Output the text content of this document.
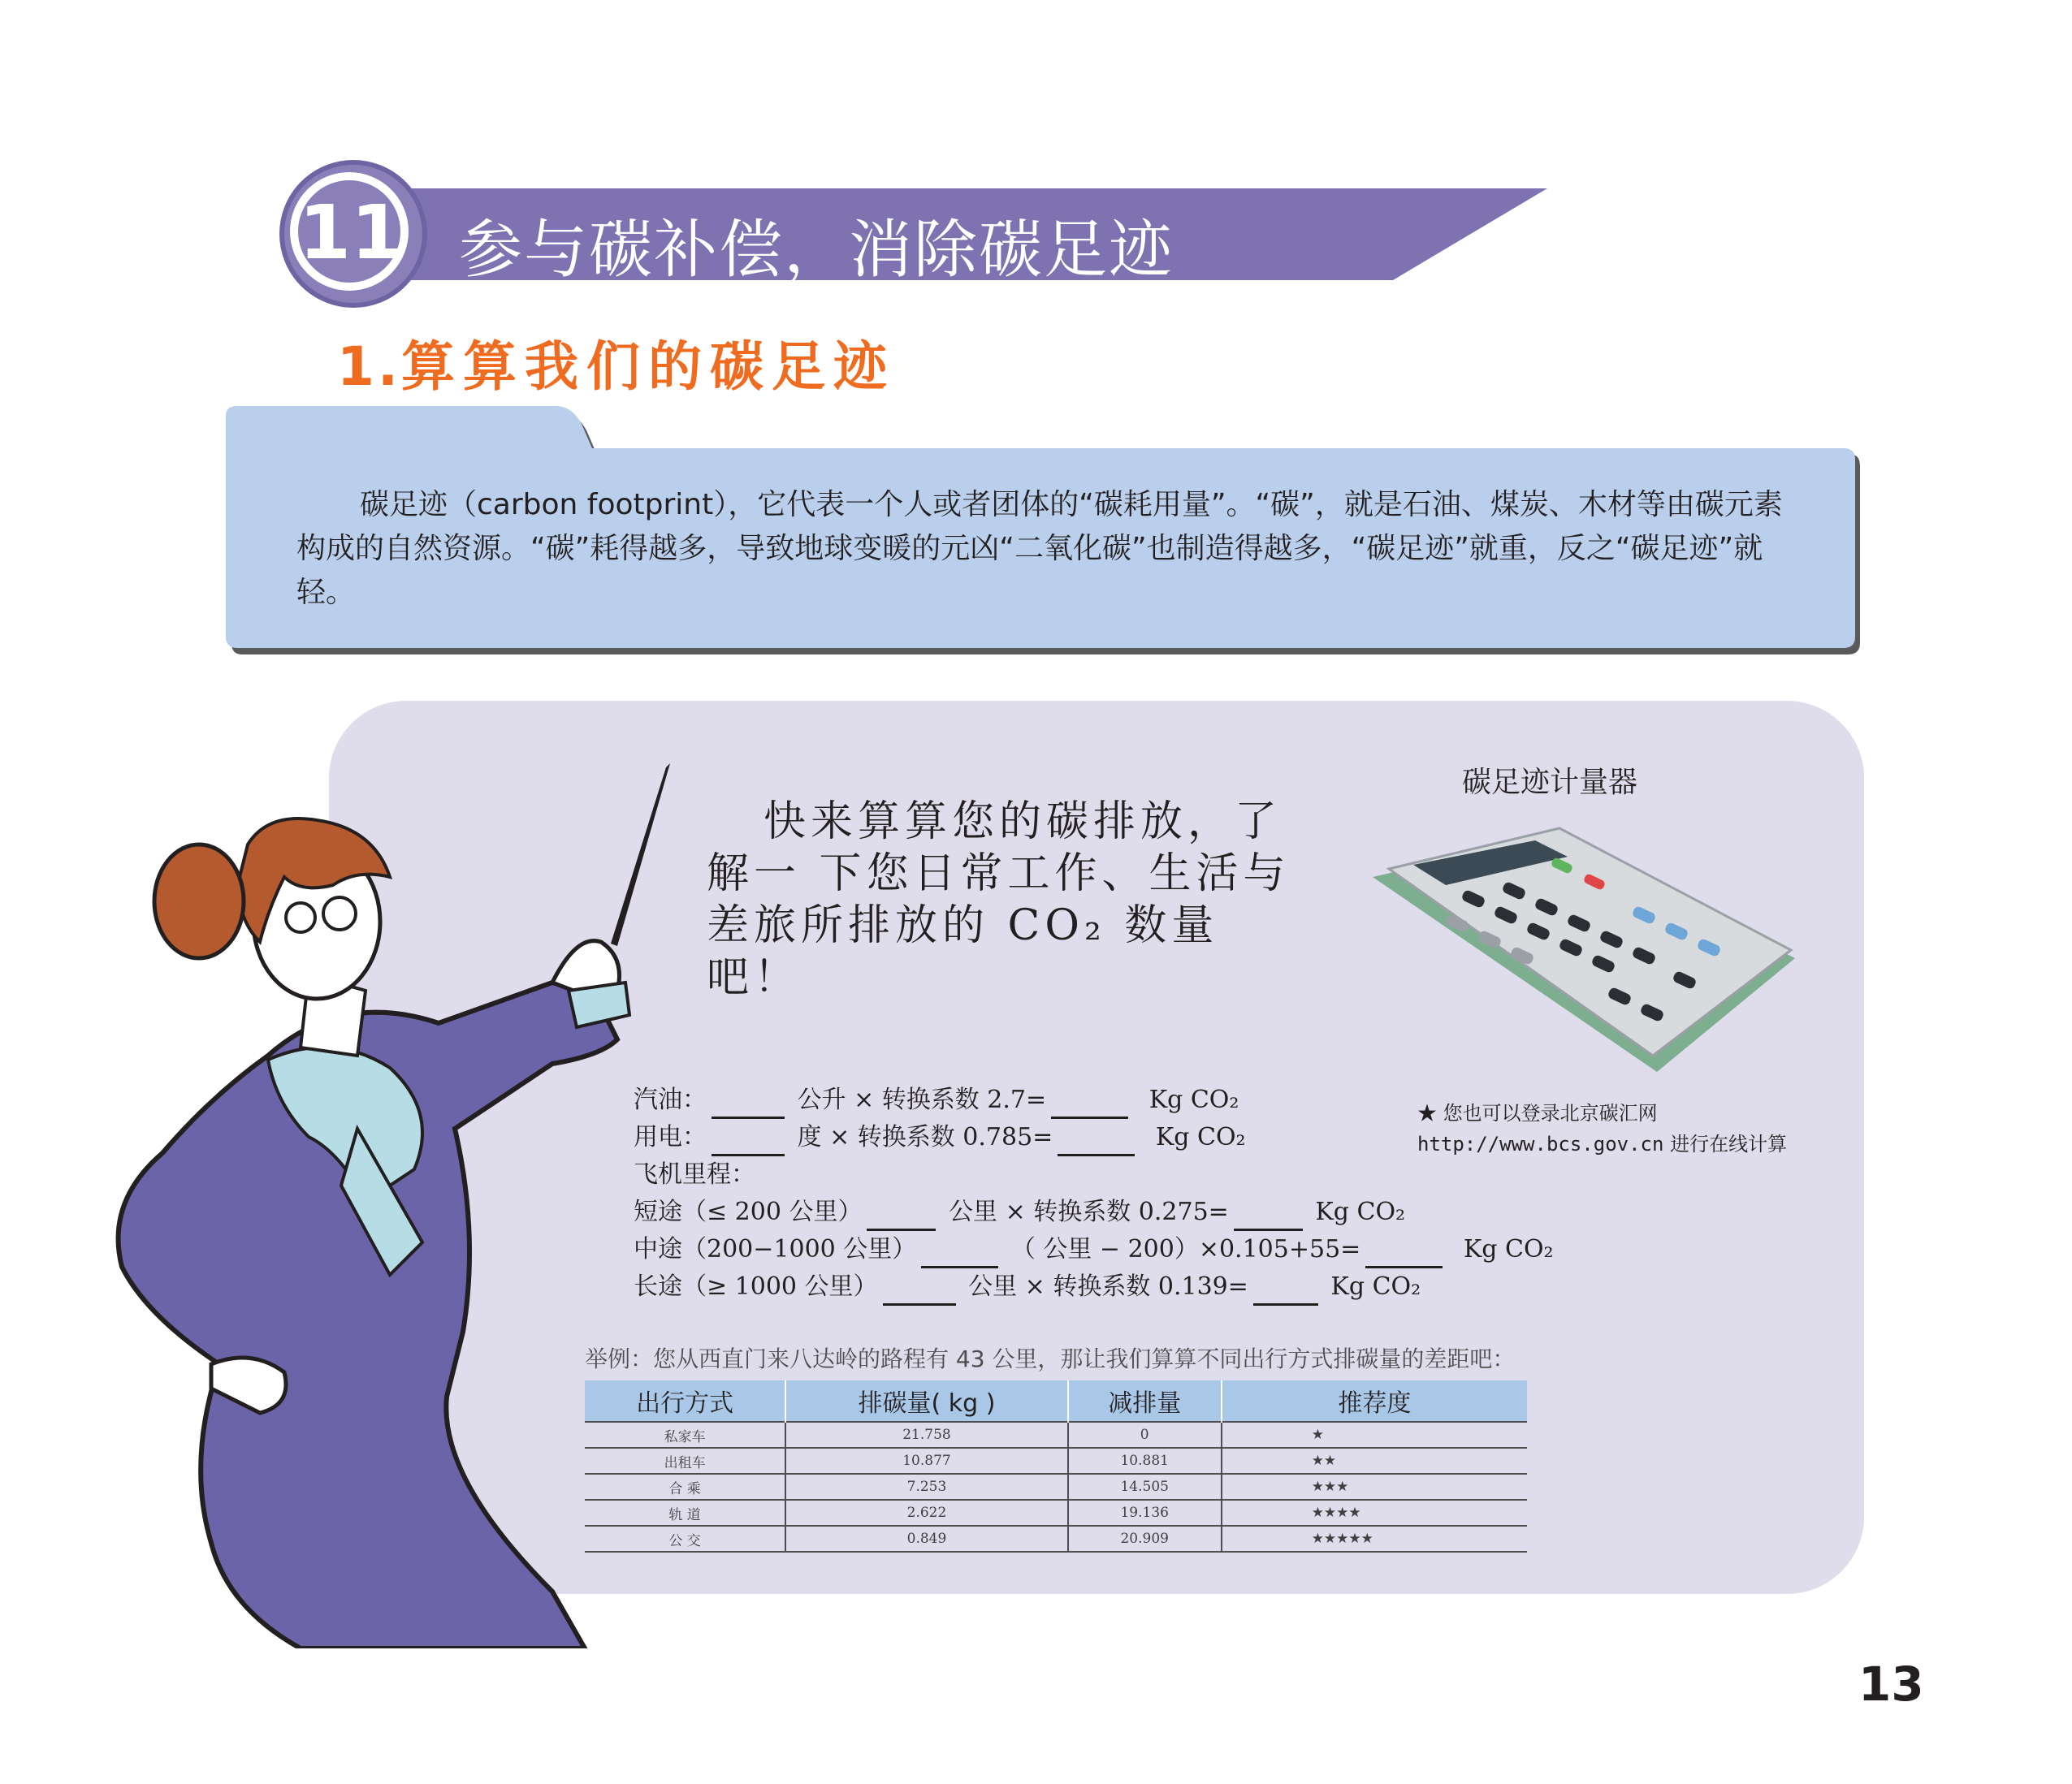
11 参与碳补偿，消除碳足迹
1.算算我们的碳足迹
碳足迹（carbon footprint），它代表一个人或者团体的“碳耗用量”。“碳”，就是石油、煤炭、木材等由碳元素构成的自然资源。“碳”耗得越多，导致地球变暖的元凶“二氧化碳”也制造得越多，“碳足迹”就重，反之“碳足迹”就轻。
快来算算您的碳排放，了解一 下您日常工作、生活与差旅所排放的 CO₂ 数量吧！
碳足迹计量器
★ 您也可以登录北京碳汇网
http://www.bcs.gov.cn 进行在线计算
汽油：	公升 × 转换系数 2.7=	Kg CO₂
用电：	度 × 转换系数 0.785=	Kg CO₂
飞机里程：
短途（≤ 200 公里）	公里 × 转换系数 0.275=	Kg CO₂
中途（200−1000 公里）	（ 公里 − 200）×0.105+55=	Kg CO₂
长途（≥ 1000 公里）	公里 × 转换系数 0.139=	Kg CO₂
举例：您从西直门来八达岭的路程有 43 公里，那让我们算算不同出行方式排碳量的差距吧：
出行方式	排碳量( kg )	减排量	推荐度
私家车	21.758	0	★
出租车	10.877	10.881	★★
合 乘	7.253	14.505	★★★
轨 道	2.622	19.136	★★★★
公 交	0.849	20.909	★★★★★
13
